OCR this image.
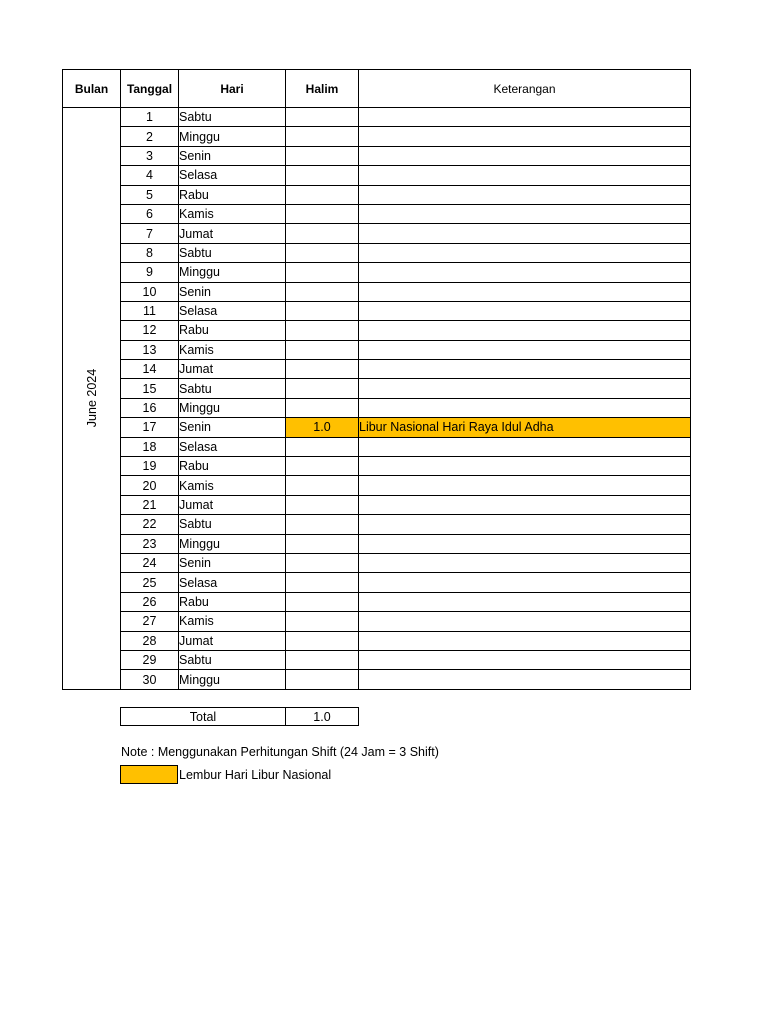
Bulan	Tanggal	Hari	Halim	Keterangan

June 2024	1	Sabtu		
	2	Minggu		
	3	Senin		
	4	Selasa		
	5	Rabu		
	6	Kamis		
	7	Jumat		
	8	Sabtu		
	9	Minggu		
	10	Senin		
	11	Selasa		
	12	Rabu		
	13	Kamis		
	14	Jumat		
	15	Sabtu		
	16	Minggu		
	17	Senin	1.0	Libur Nasional Hari Raya Idul Adha
	18	Selasa		
	19	Rabu		
	20	Kamis		
	21	Jumat		
	22	Sabtu		
	23	Minggu		
	24	Senin		
	25	Selasa		
	26	Rabu		
	27	Kamis		
	28	Jumat		
	29	Sabtu		
	30	Minggu		
Total	1.0
Note : Menggunakan Perhitungan Shift (24 Jam = 3 Shift)
Lembur Hari Libur Nasional
